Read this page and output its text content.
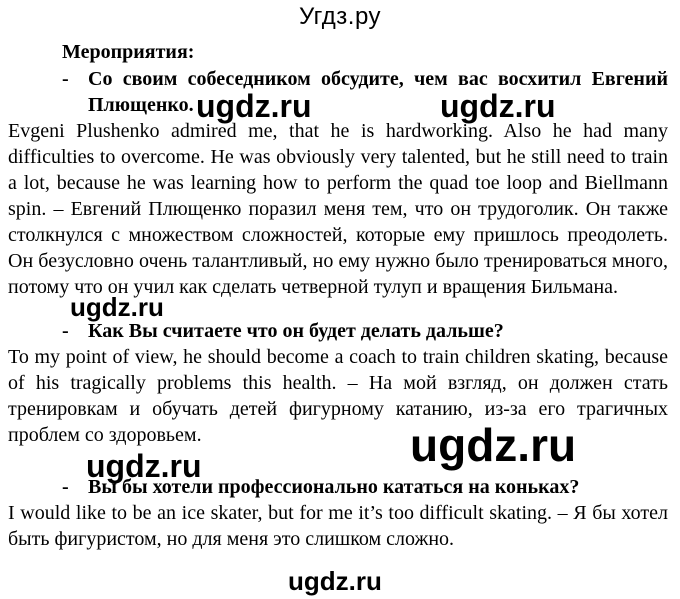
Угдз.ру
Мероприятия:
- Со своим собеседником обсудите, чем вас восхитил Евгений Плющенко.

Evgeni Plushenko admired me, that he is hardworking. Also he had many difficulties to overcome. He was obviously very talented, but he still need to train a lot, because he was learning how to perform the quad toe loop and Biellmann spin. – Евгений Плющенко поразил меня тем, что он трудоголик. Он также столкнулся с множеством сложностей, которые ему пришлось преодолеть. Он безусловно очень талантливый, но ему нужно было тренироваться много, потому что он учил как сделать четверной тулуп и вращения Бильмана.

- Как Вы считаете что он будет делать дальше?

To my point of view, he should become a coach to train children skating, because of his tragically problems this health. – На мой взгляд, он должен стать тренировкам и обучать детей фигурному катанию, из-за его трагичных проблем со здоровьем.

- Вы бы хотели профессионально кататься на коньках?

I would like to be an ice skater, but for me it’s too difficult skating. – Я бы хотел быть фигуристом, но для меня это слишком сложно.

ugdz.ru	ugdz.ru
ugdz.ru
ugdz.ru
ugdz.ru
ugdz.ru
